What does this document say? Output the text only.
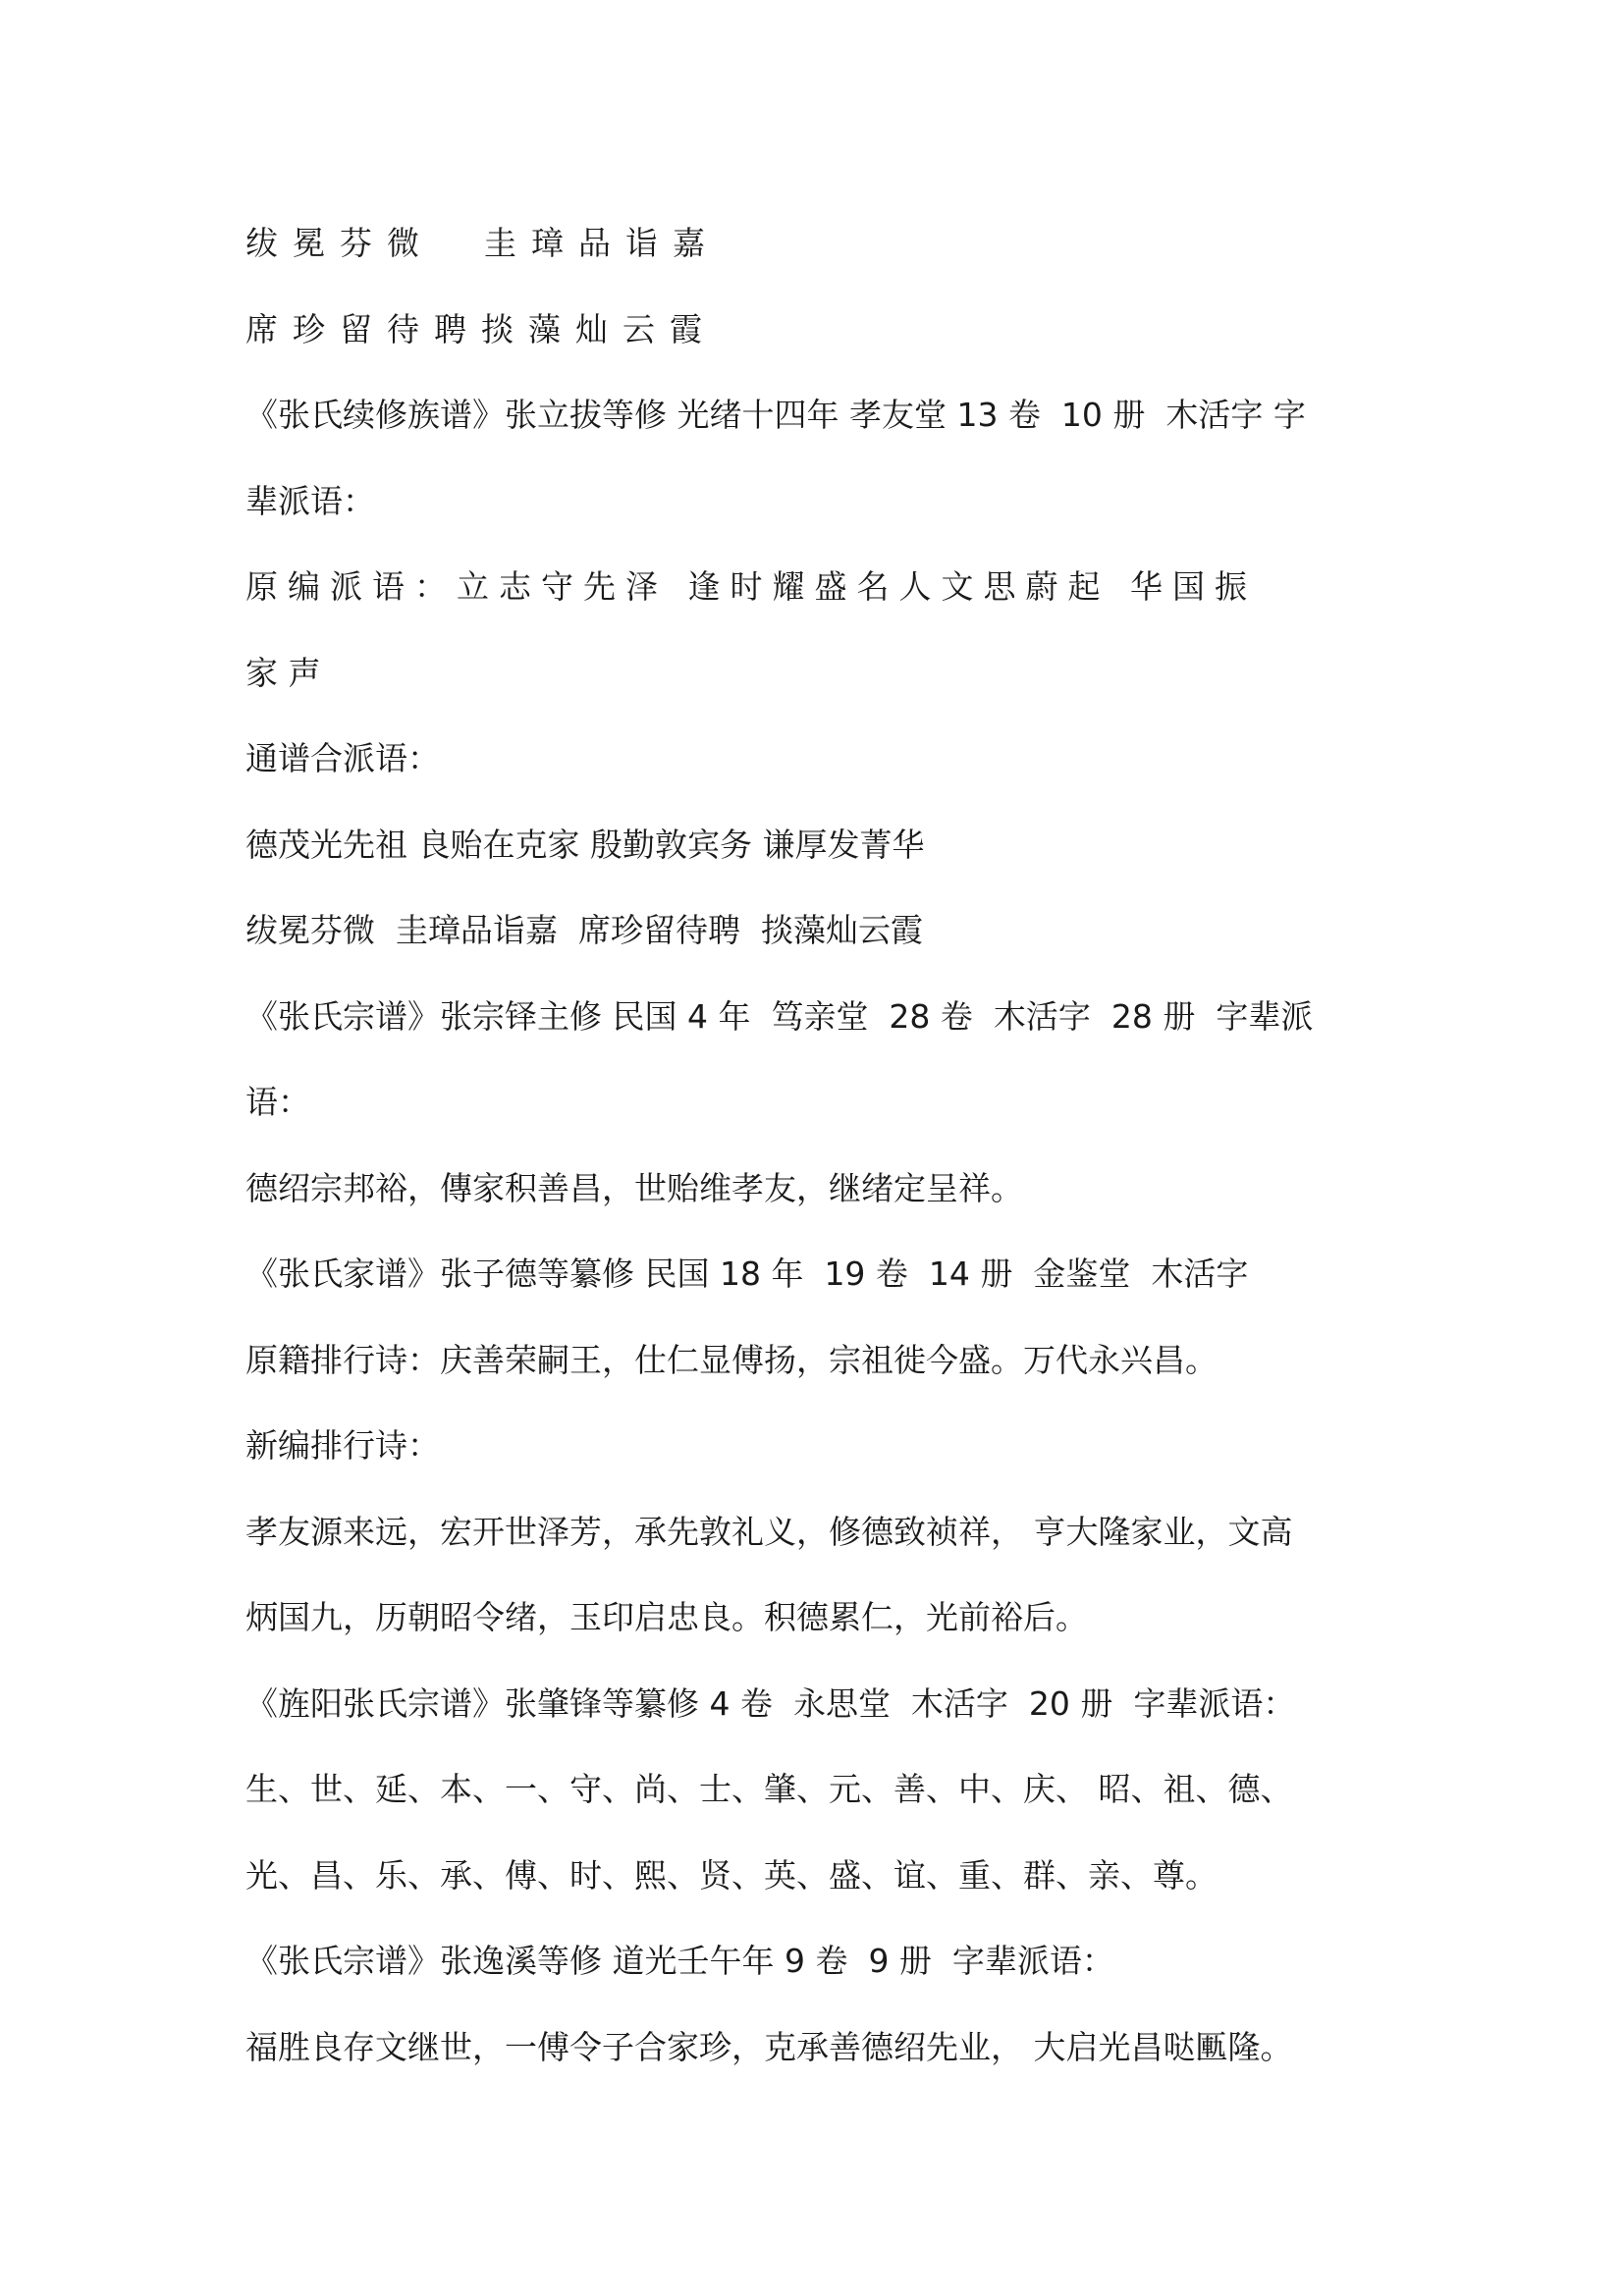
绂冕芬微  圭璋品诣嘉
席珍留待聘掞藻灿云霞
《张氏续修族谱》张立拔等修 光绪十四年 孝友堂 13 卷  10 册  木活字 字
辈派语：
原编派语：立志守先泽 逢时耀盛名人文思蔚起 华国振
家 声
通谱合派语：
德茂光先祖 良贻在克家 殷勤敦宾务 谦厚发菁华
绂冕芬微  圭璋品诣嘉  席珍留待聘  掞藻灿云霞
《张氏宗谱》张宗铎主修 民国 4 年  笃亲堂  28 卷  木活字  28 册  字辈派
语：
德绍宗邦裕，傳家积善昌，世贻维孝友，继绪定呈祥。
《张氏家谱》张子德等纂修 民国 18 年  19 卷  14 册  金鉴堂  木活字
原籍排行诗：庆善荣嗣王，仕仁显傅扬，宗祖徙今盛。万代永兴昌。
新编排行诗：
孝友源来远，宏开世泽芳，承先敦礼义，修德致祯祥， 亨大隆家业，文高
炳国九，历朝昭令绪，玉印启忠良。积德累仁，光前裕后。
《旌阳张氏宗谱》张肇锋等纂修 4 卷  永思堂  木活字  20 册  字辈派语：
生、世、延、本、一、守、尚、士、肇、元、善、中、庆、 昭、祖、德、
光、昌、乐、承、傅、时、熙、贤、英、盛、谊、重、群、亲、尊。
《张氏宗谱》张逸溪等修 道光壬午年 9 卷  9 册  字辈派语：
福胜良存文继世，一傅令子合家珍，克承善德绍先业， 大启光昌哒匭隆。
